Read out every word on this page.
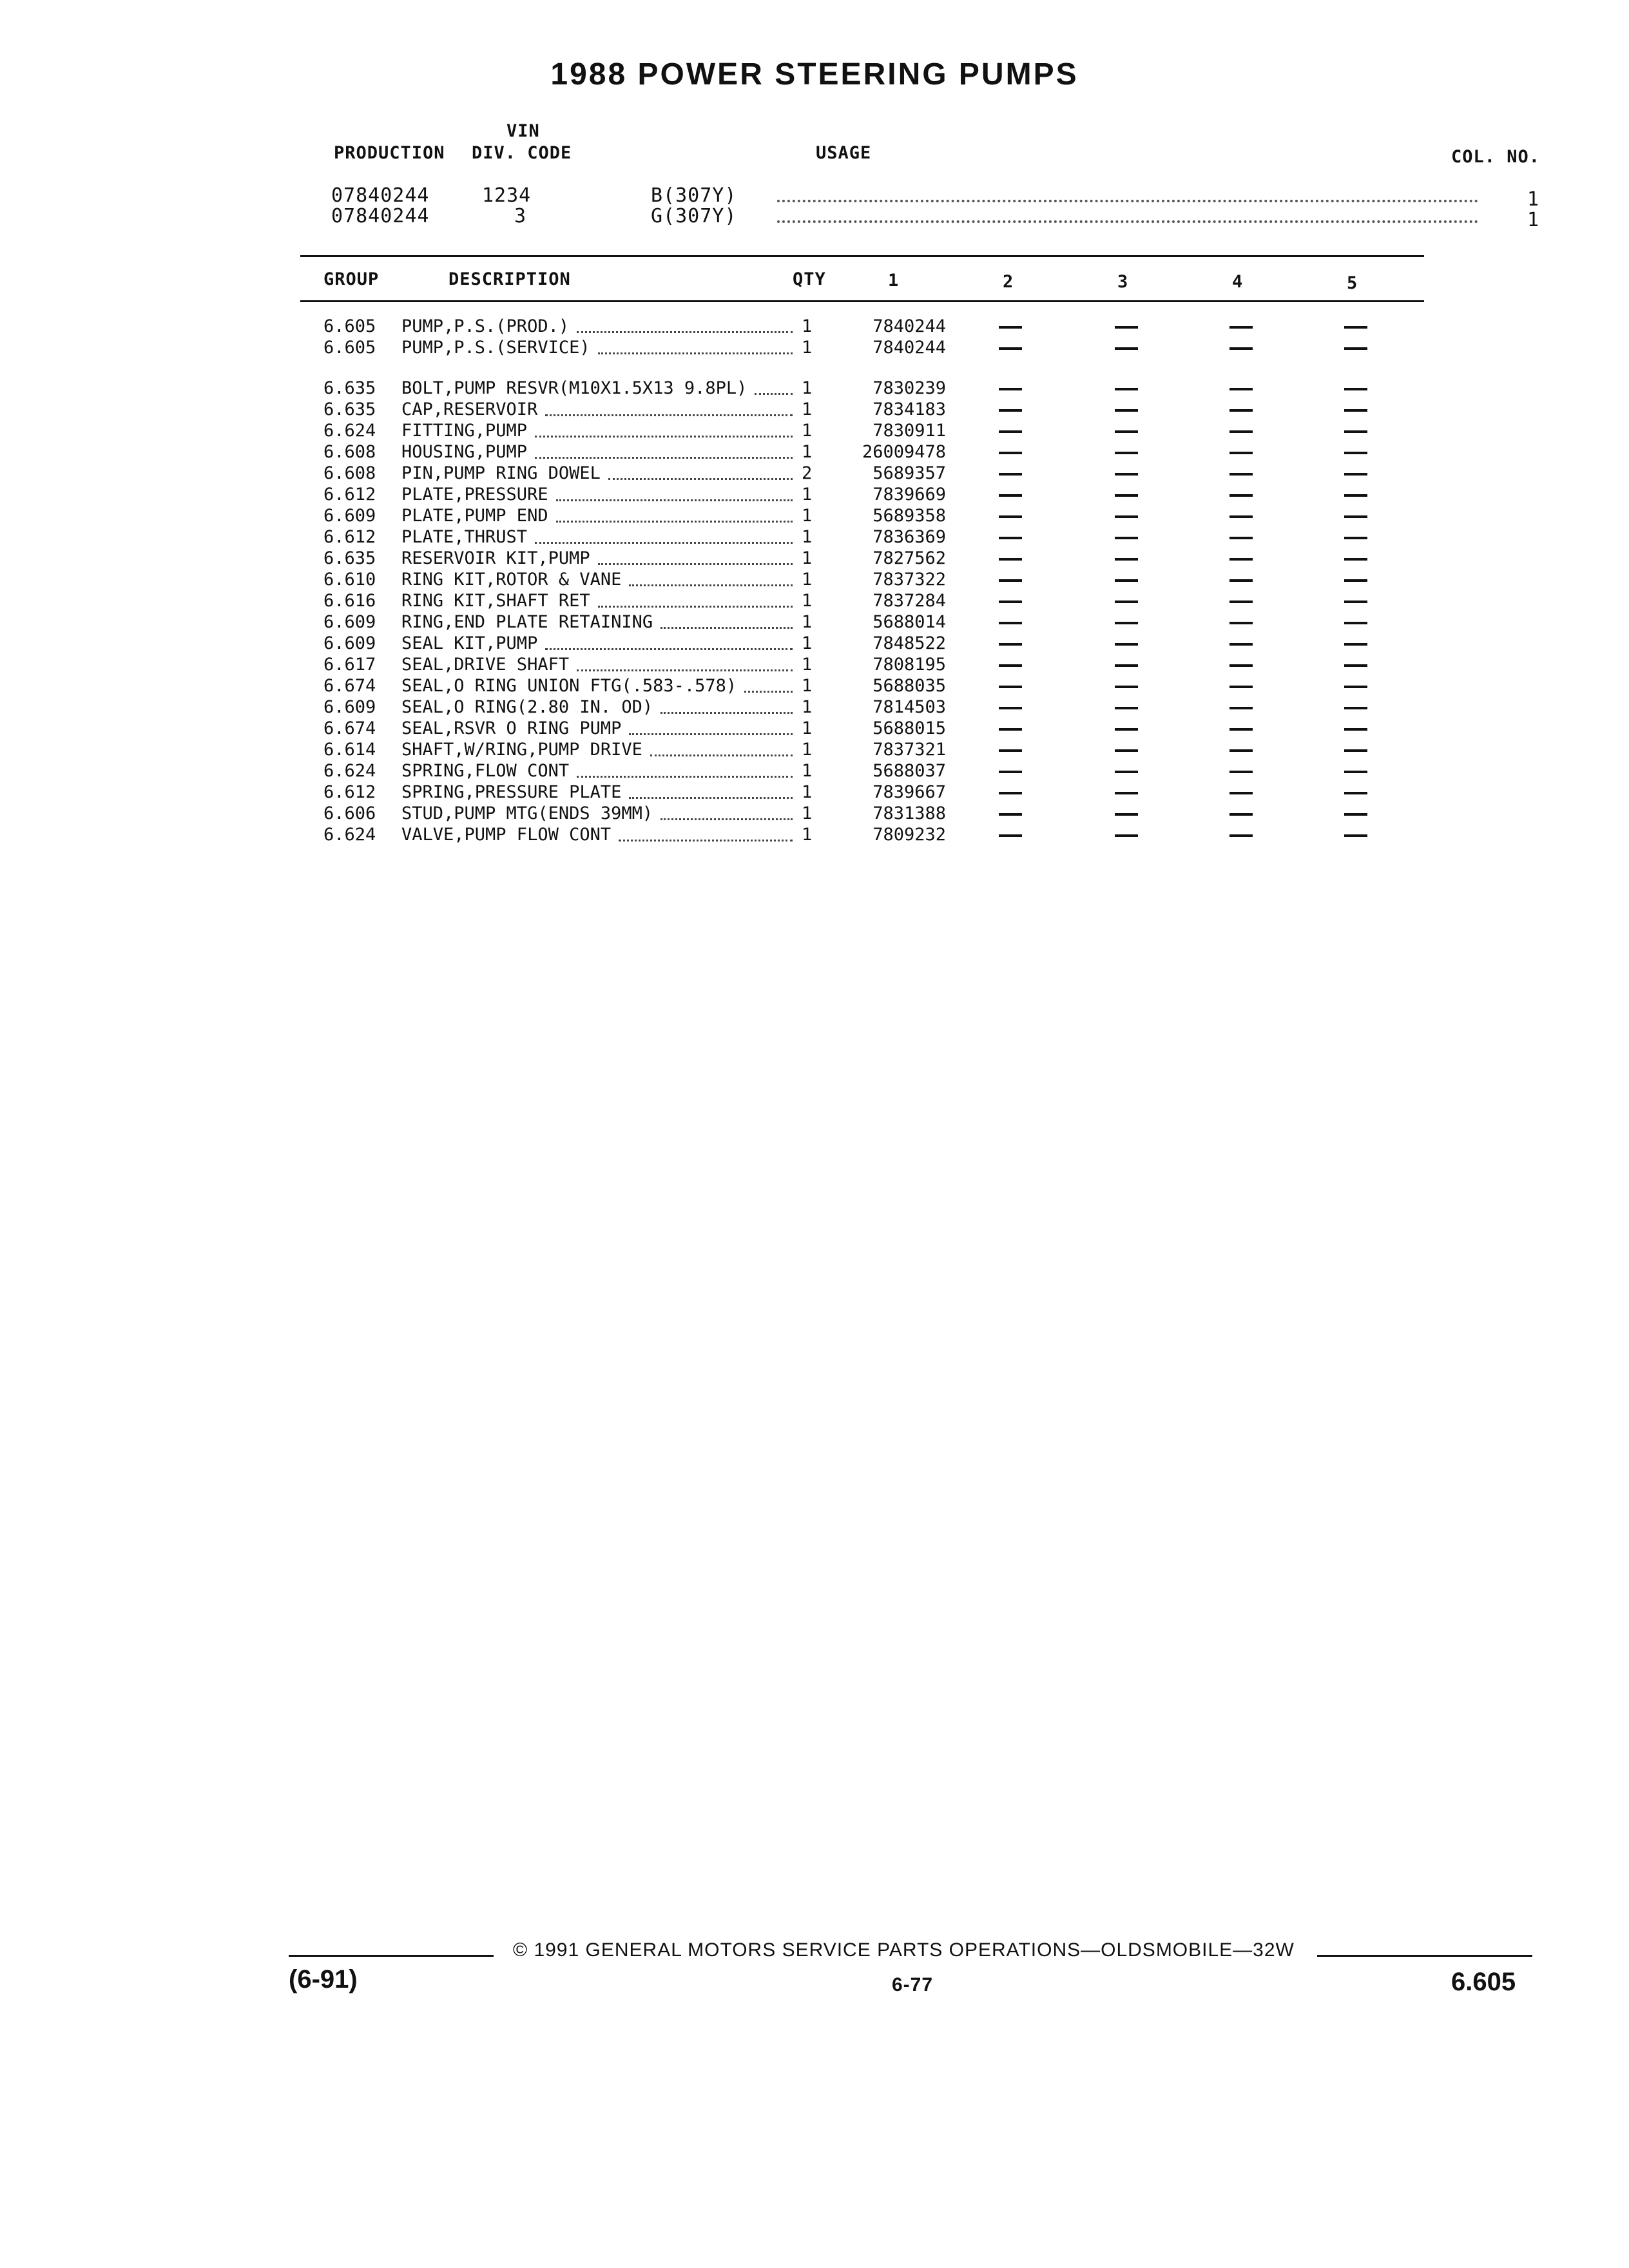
1988 POWER STEERING PUMPS
VIN
PRODUCTION DIV. CODE	USAGE	COL. NO.
07840244	1234	B(307Y)	1
07840244	3	G(307Y)	1
GROUP	DESCRIPTION	QTY	1	2	3	4	5
6.605 PUMP,P.S.(PROD.)	1	7840244
6.605 PUMP,P.S.(SERVICE)	1	7840244
6.635 BOLT,PUMP RESVR(M10X1.5X13 9.8PL)	1	7830239
6.635 CAP,RESERVOIR	1	7834183
6.624 FITTING,PUMP	1	7830911
6.608 HOUSING,PUMP	1	26009478
6.608 PIN,PUMP RING DOWEL	2	5689357
6.612 PLATE,PRESSURE	1	7839669
6.609 PLATE,PUMP END	1	5689358
6.612 PLATE,THRUST	1	7836369
6.635 RESERVOIR KIT,PUMP	1	7827562
6.610 RING KIT,ROTOR & VANE	1	7837322
6.616 RING KIT,SHAFT RET	1	7837284
6.609 RING,END PLATE RETAINING	1	5688014
6.609 SEAL KIT,PUMP	1	7848522
6.617 SEAL,DRIVE SHAFT	1	7808195
6.674 SEAL,O RING UNION FTG(.583-.578)	1	5688035
6.609 SEAL,O RING(2.80 IN. OD)	1	7814503
6.674 SEAL,RSVR O RING PUMP	1	5688015
6.614 SHAFT,W/RING,PUMP DRIVE	1	7837321
6.624 SPRING,FLOW CONT	1	5688037
6.612 SPRING,PRESSURE PLATE	1	7839667
6.606 STUD,PUMP MTG(ENDS 39MM)	1	7831388
6.624 VALVE,PUMP FLOW CONT	1	7809232
© 1991 GENERAL MOTORS SERVICE PARTS OPERATIONS—OLDSMOBILE—32W
(6-91)	6-77	6.605
